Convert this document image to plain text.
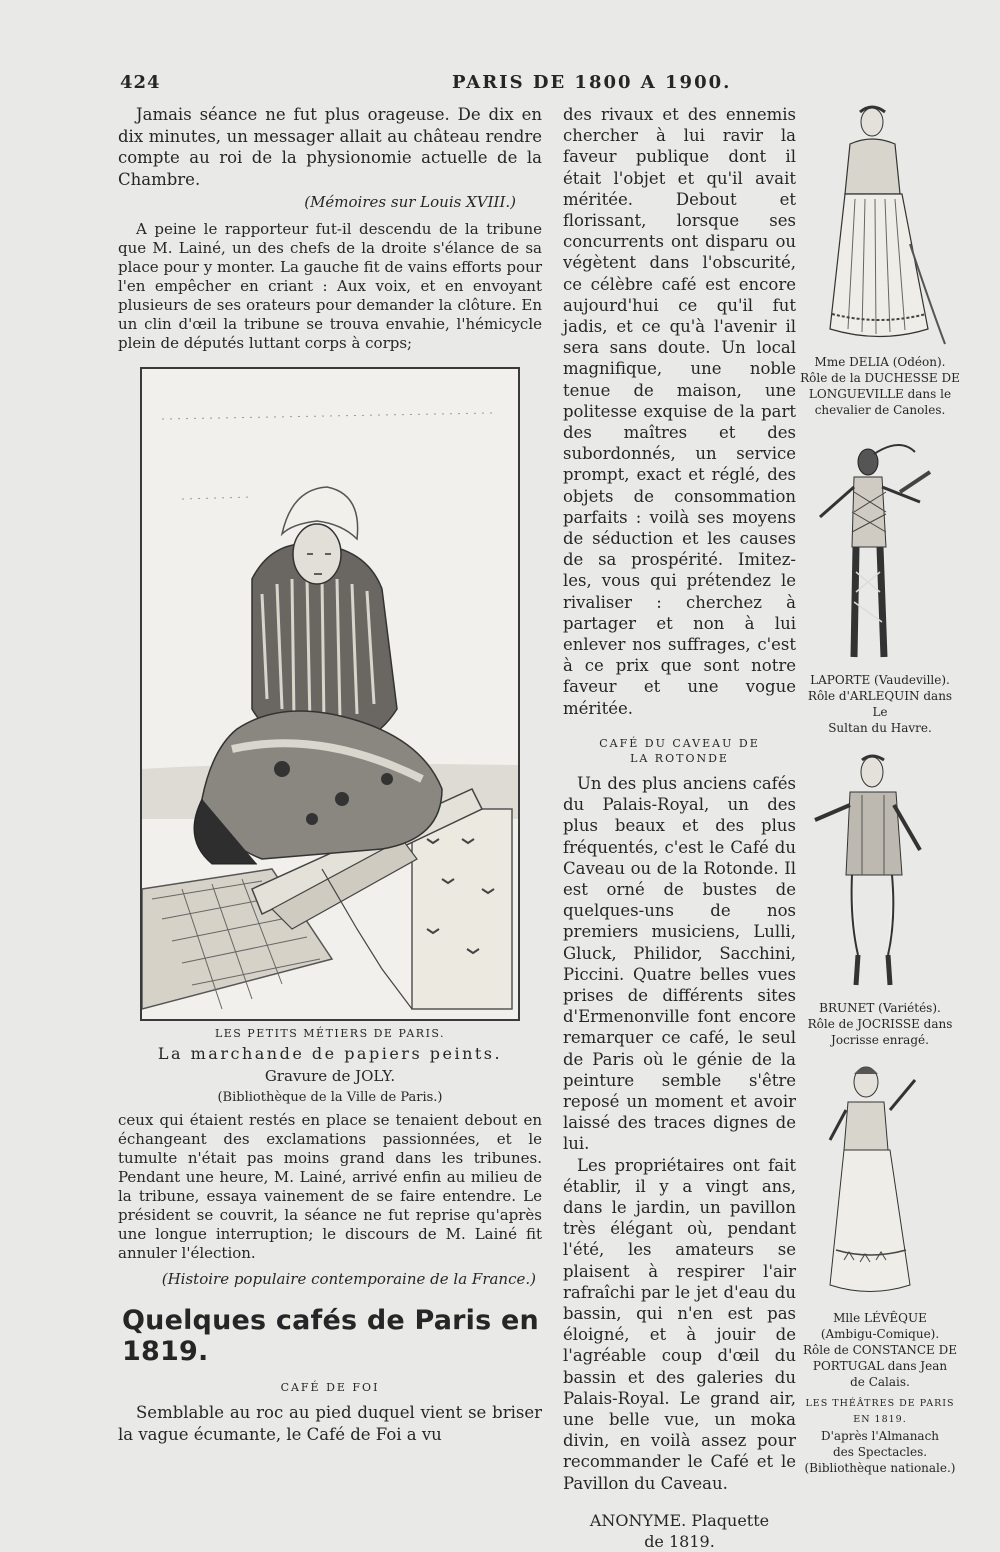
424	PARIS DE 1800 A 1900.

Jamais séance ne fut plus orageuse. De dix en dix minutes, un messager allait au château rendre compte au roi de la physionomie actuelle de la Chambre.

(Mémoires sur Louis XVIII.)

A peine le rapporteur fut-il descendu de la tribune que M. Lainé, un des chefs de la droite s'élance de sa place pour y monter. La gauche fit de vains efforts pour l'en empêcher en criant : Aux voix, et en envoyant plusieurs de ses orateurs pour demander la clôture. En un clin d'œil la tribune se trouva envahie, l'hémicycle plein de députés luttant corps à corps;

LES PETITS MÉTIERS DE PARIS.
La marchande de papiers peints.
Gravure de JOLY.
(Bibliothèque de la Ville de Paris.)

ceux qui étaient restés en place se tenaient debout en échangeant des exclamations passionnées, et le tumulte n'était pas moins grand dans les tribunes. Pendant une heure, M. Lainé, arrivé enfin au milieu de la tribune, essaya vainement de se faire entendre. Le président se couvrit, la séance ne fut reprise qu'après une longue interruption; le discours de M. Lainé fit annuler l'élection.

(Histoire populaire contemporaine de la France.)

Quelques cafés de Paris en 1819.
CAFÉ DE FOI

Semblable au roc au pied duquel vient se briser la vague écumante, le Café de Foi a vu

des rivaux et des ennemis chercher à lui ravir la faveur publique dont il était l'objet et qu'il avait méritée. Debout et florissant, lorsque ses concurrents ont disparu ou végètent dans l'obscurité, ce célèbre café est encore aujourd'hui ce qu'il fut jadis, et ce qu'à l'avenir il sera sans doute. Un local magnifique, une noble tenue de maison, une politesse exquise de la part des maîtres et des subordonnés, un service prompt, exact et réglé, des objets de consommation parfaits : voilà ses moyens de séduction et les causes de sa prospérité. Imitez-les, vous qui prétendez le rivaliser : cherchez à partager et non à lui enlever nos suffrages, c'est à ce prix que sont notre faveur et une vogue méritée.

CAFÉ DU CAVEAU DE
LA ROTONDE

Un des plus anciens cafés du Palais-Royal, un des plus beaux et des plus fréquentés, c'est le Café du Caveau ou de la Rotonde. Il est orné de bustes de quelques-uns de nos premiers musiciens, Lulli, Gluck, Philidor, Sacchini, Piccini. Quatre belles vues prises de différents sites d'Ermenonville font encore remarquer ce café, le seul de Paris où le génie de la peinture semble s'être reposé un moment et avoir laissé des traces dignes de lui.

Les propriétaires ont fait établir, il y a vingt ans, dans le jardin, un pavillon très élégant où, pendant l'été, les amateurs se plaisent à respirer l'air rafraîchi par le jet d'eau du bassin, qui n'en est pas éloigné, et à jouir de l'agréable coup d'œil du bassin et des galeries du Palais-Royal. Le grand air, une belle vue, un moka divin, en voilà assez pour recommander le Café et le Pavillon du Caveau.

ANONYME. Plaquette
de 1819.
Mme DELIA (Odéon).
Rôle de la DUCHESSE DE
LONGUEVILLE dans le
chevalier de Canoles.
LAPORTE (Vaudeville).
Rôle d'ARLEQUIN dans Le
Sultan du Havre.
BRUNET (Variétés).
Rôle de JOCRISSE dans
Jocrisse enragé.
Mlle LÉVÊQUE
(Ambigu-Comique).
Rôle de CONSTANCE DE
PORTUGAL dans Jean
de Calais.
LES THÉÂTRES DE PARIS
EN 1819.
D'après l'Almanach
des Spectacles.
(Bibliothèque nationale.)
